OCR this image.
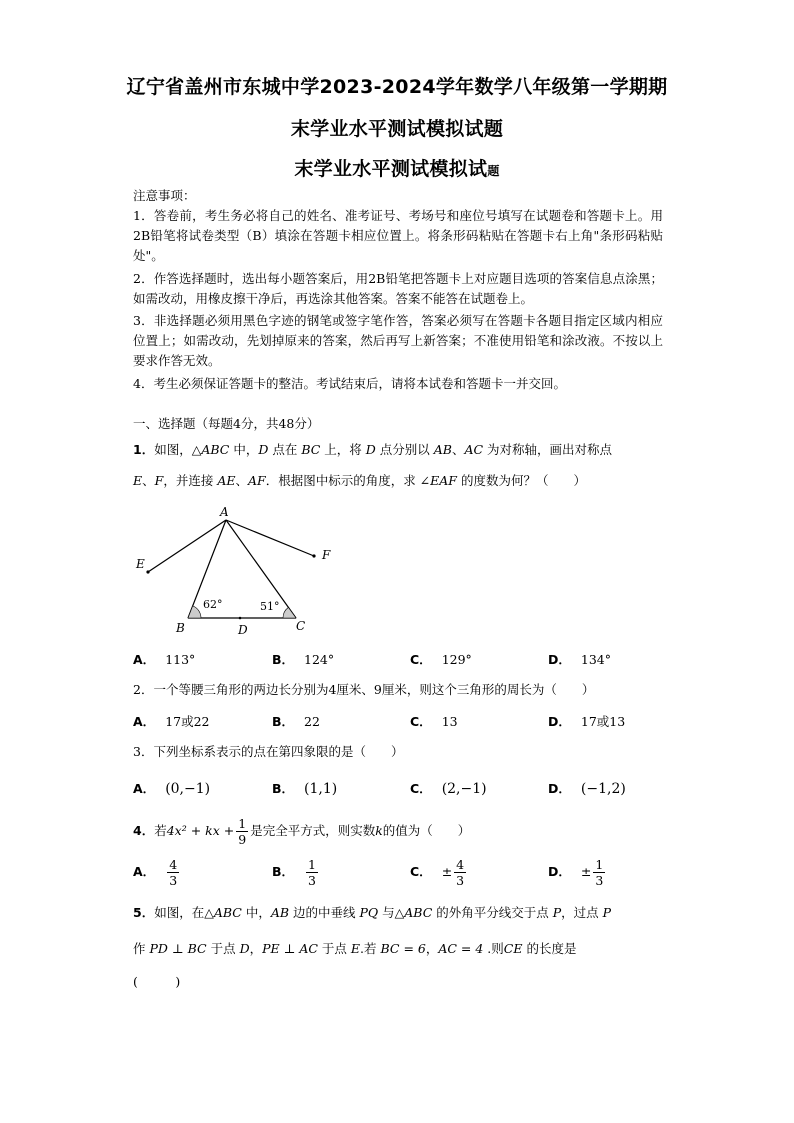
辽宁省盖州市东城中学2023-2024学年数学八年级第一学期期
末学业水平测试模拟试题
末学业水平测试模拟试题
注意事项：
1．答卷前，考生务必将自己的姓名、准考证号、考场号和座位号填写在试题卷和答题卡上。用2B铅笔将试卷类型（B）填涂在答题卡相应位置上。将条形码粘贴在答题卡右上角"条形码粘贴处"。
2．作答选择题时，选出每小题答案后，用2B铅笔把答题卡上对应题目选项的答案信息点涂黑；如需改动，用橡皮擦干净后，再选涂其他答案。答案不能答在试题卷上。
3．非选择题必须用黑色字迹的钢笔或签字笔作答，答案必须写在答题卡各题目指定区域内相应位置上；如需改动，先划掉原来的答案，然后再写上新答案；不准使用铅笔和涂改液。不按以上要求作答无效。
4．考生必须保证答题卡的整洁。考试结束后，请将本试卷和答题卡一并交回。
一、选择题（每题4分，共48分）
1．如图，△ABC 中，D 点在 BC 上，将 D 点分别以 AB、AC 为对称轴，画出对称点
E、F，并连接 AE、AF．根据图中标示的角度，求 ∠EAF 的度数为何？（　　）
A
B	C
D
E
F
62°	51°
A． 113°	B． 124°	C． 129°	D． 134°
2．一个等腰三角形的两边长分别为4厘米、9厘米，则这个三角形的周长为（　　）
A． 17或22	B． 22	C． 13	D． 17或13
3．下列坐标系表示的点在第四象限的是（　　）
A． (0,−1)	B． (1,1)	C． (2,−1)	D． (−1,2)
4．若4x² + kx + $\frac{1}{9}$ 是完全平方式，则实数k的值为（　　）
A． $\frac{4}{3}$	B． $\frac{1}{3}$	C． ± $\frac{4}{3}$	D． ± $\frac{1}{3}$
5．如图，在△ABC 中，AB 边的中垂线 PQ 与△ABC 的外角平分线交于点 P，过点 P
作 PD ⊥ BC 于点 D，PE ⊥ AC 于点 E.若 BC = 6，AC = 4 .则CE 的长度是
(　　　)
